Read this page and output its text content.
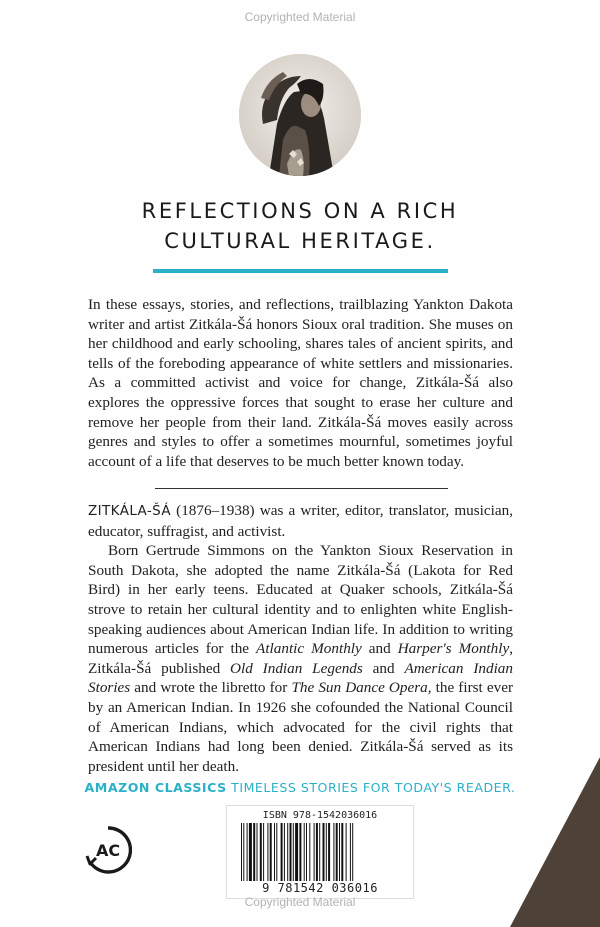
Copyrighted Material
REFLECTIONS ON A RICH
CULTURAL HERITAGE.

In these essays, stories, and reflections, trailblazing Yankton Dakota writer and artist Zitkála-Šá honors Sioux oral tradition. She muses on her childhood and early schooling, shares tales of ancient spirits, and tells of the foreboding appearance of white settlers and missionaries. As a committed activist and voice for change, Zitkála-Šá also explores the oppressive forces that sought to erase her culture and remove her people from their land. Zitkála-Šá moves easily across genres and styles to offer a sometimes mournful, sometimes joyful account of a life that deserves to be much better known today.

ZITKÁLA-ŠÁ (1876–1938) was a writer, editor, translator, musician, educator, suffragist, and activist.

Born Gertrude Simmons on the Yankton Sioux Reservation in South Dakota, she adopted the name Zitkála-Šá (Lakota for Red Bird) in her early teens. Educated at Quaker schools, Zitkála-Šá strove to retain her cultural identity and to enlighten white English-speaking audiences about American Indian life. In addition to writing numerous articles for the Atlantic Monthly and Harper's Monthly, Zitkála-Šá published Old Indian Legends and American Indian Stories and wrote the libretto for The Sun Dance Opera, the first ever by an American Indian. In 1926 she cofounded the National Council of American Indians, which advocated for the civil rights that American Indians had long been denied. Zitkála-Šá served as its president until her death.

AMAZON CLASSICS TIMELESS STORIES FOR TODAY'S READER.
AC
ISBN 978-1542036016
9 781542 036016
Copyrighted Material
